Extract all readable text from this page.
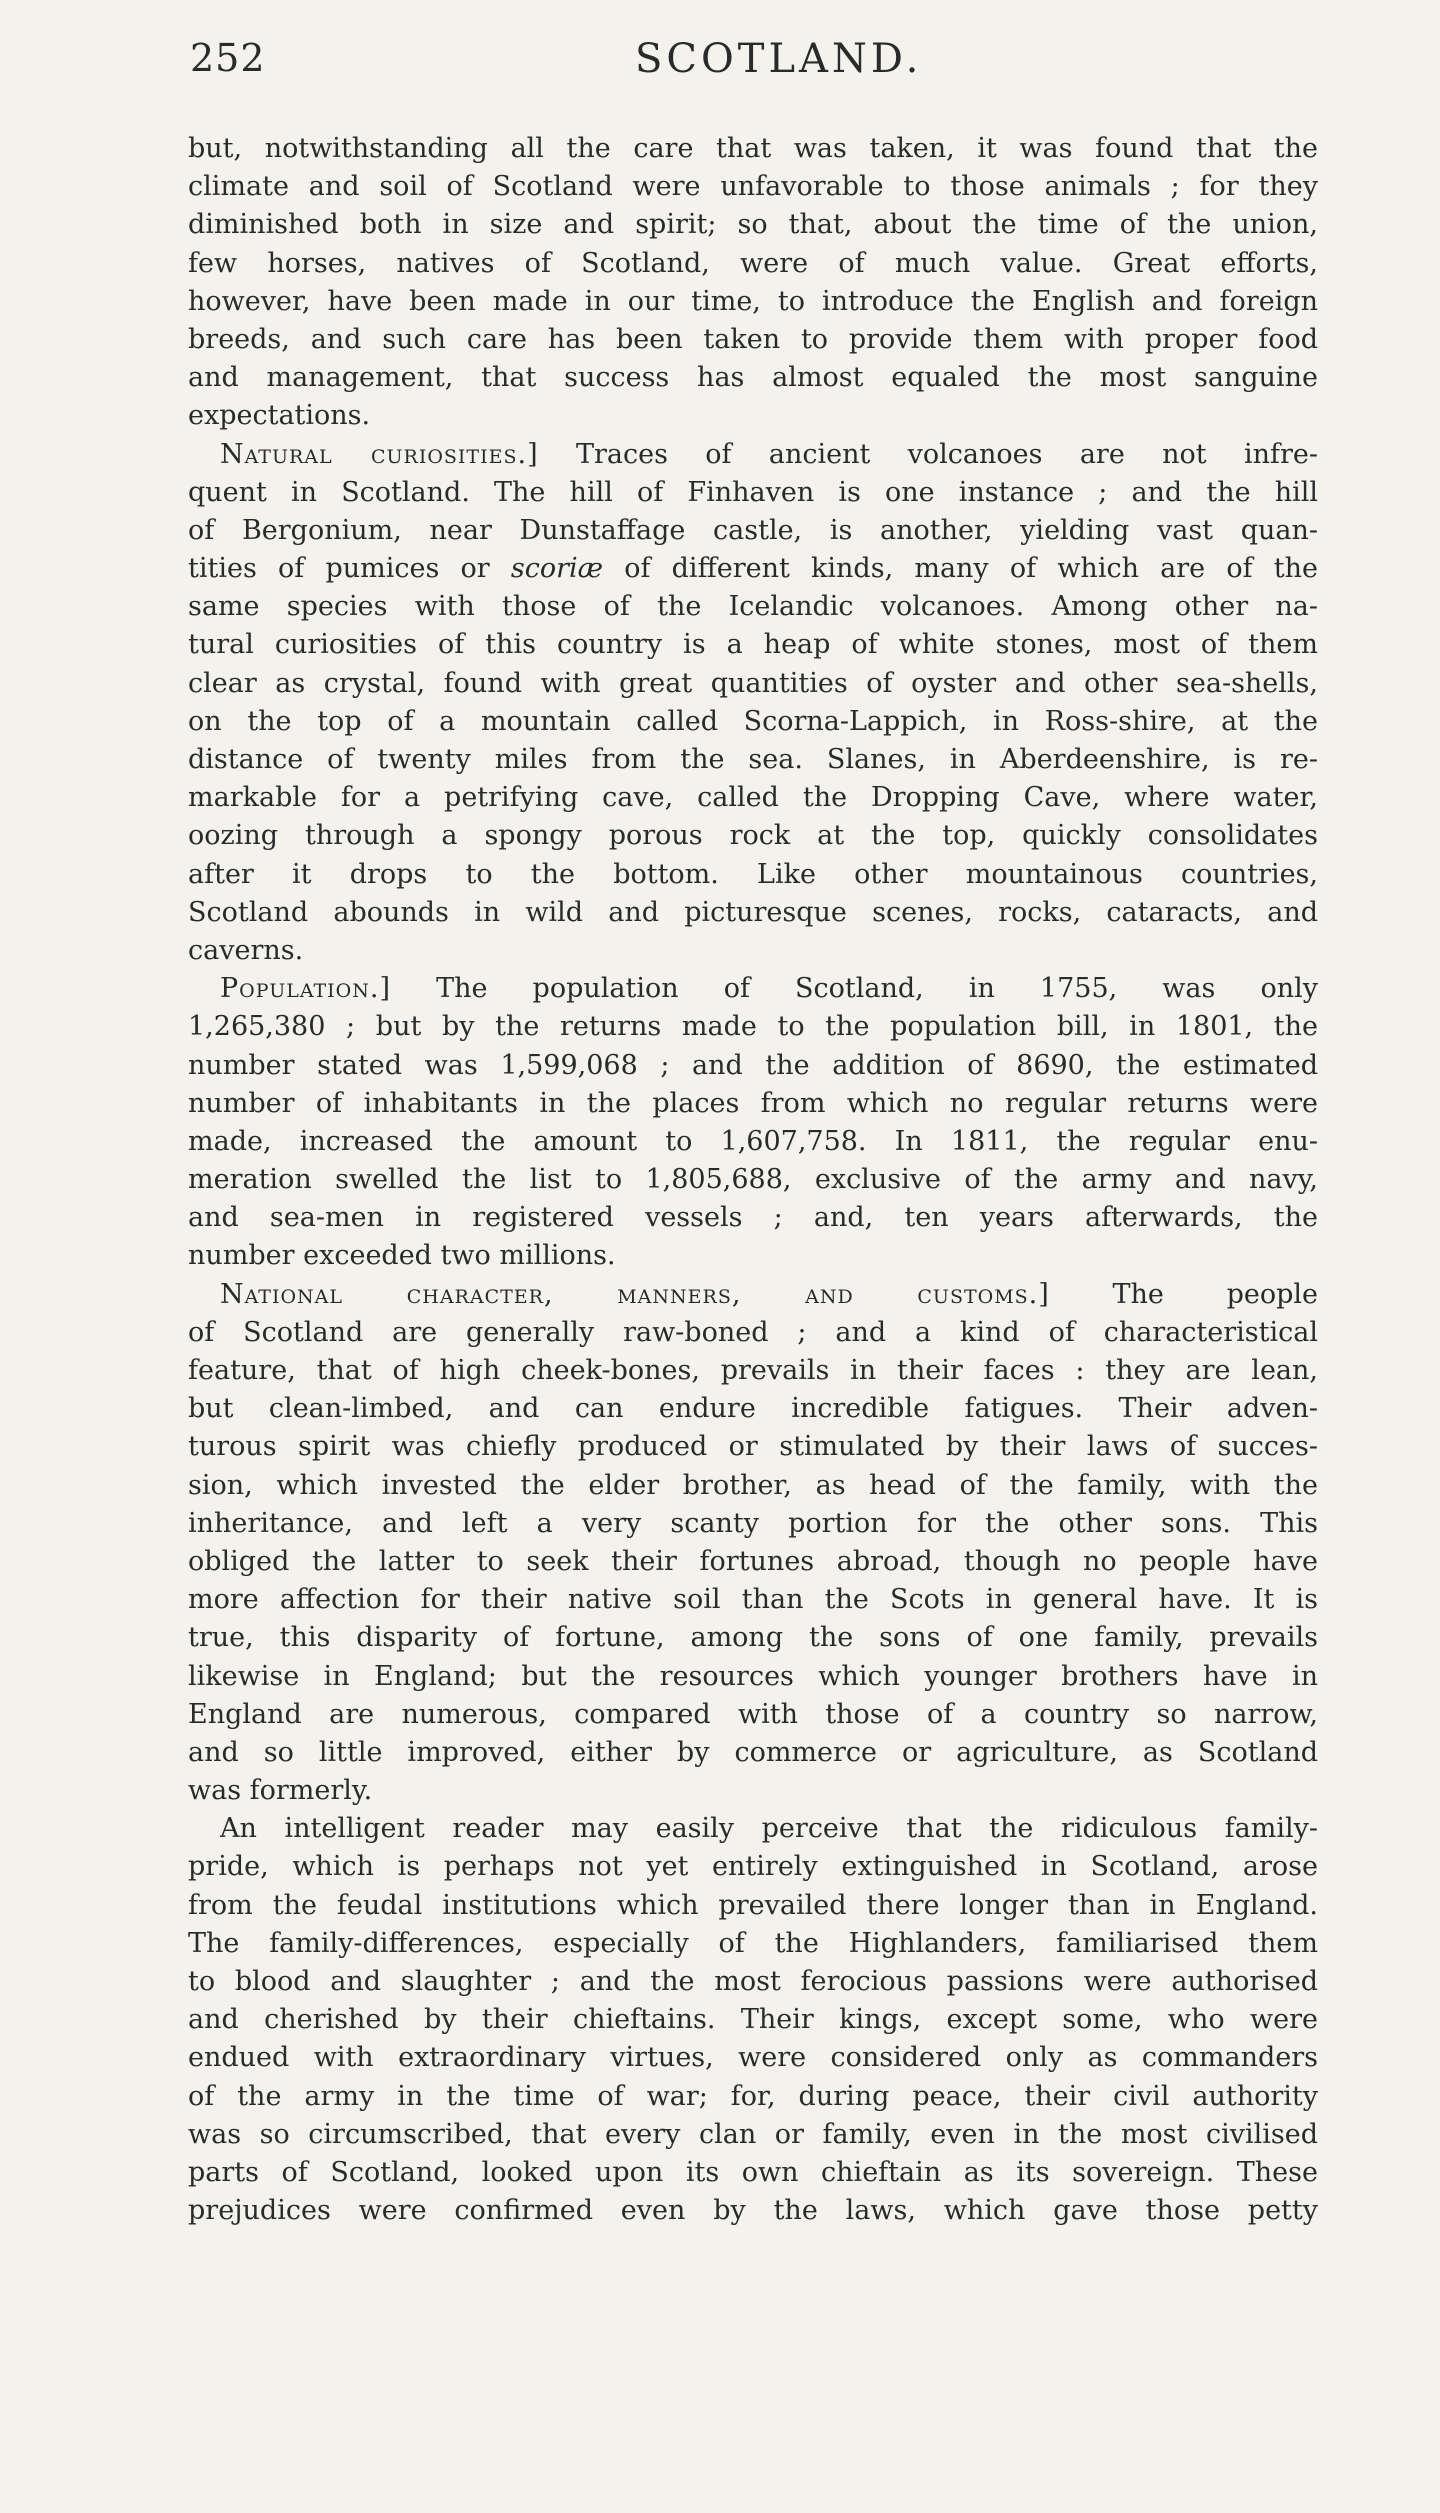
252	SCOTLAND.
but, notwithstanding all the care that was taken, it was found that the
climate and soil of Scotland were unfavorable to those animals ; for they
diminished both in size and spirit; so that, about the time of the union,
few horses, natives of Scotland, were of much value. Great efforts,
however, have been made in our time, to introduce the English and foreign
breeds, and such care has been taken to provide them with proper food
and management, that success has almost equaled the most sanguine
expectations.
Natural curiosities.] Traces of ancient volcanoes are not infre-
quent in Scotland. The hill of Finhaven is one instance ; and the hill
of Bergonium, near Dunstaffage castle, is another, yielding vast quan-
tities of pumices or scoriæ of different kinds, many of which are of the
same species with those of the Icelandic volcanoes. Among other na-
tural curiosities of this country is a heap of white stones, most of them
clear as crystal, found with great quantities of oyster and other sea-shells,
on the top of a mountain called Scorna-Lappich, in Ross-shire, at the
distance of twenty miles from the sea. Slanes, in Aberdeenshire, is re-
markable for a petrifying cave, called the Dropping Cave, where water,
oozing through a spongy porous rock at the top, quickly consolidates
after it drops to the bottom. Like other mountainous countries,
Scotland abounds in wild and picturesque scenes, rocks, cataracts, and
caverns.
Population.] The population of Scotland, in 1755, was only
1,265,380 ; but by the returns made to the population bill, in 1801, the
number stated was 1,599,068 ; and the addition of 8690, the estimated
number of inhabitants in the places from which no regular returns were
made, increased the amount to 1,607,758. In 1811, the regular enu-
meration swelled the list to 1,805,688, exclusive of the army and navy,
and sea-men in registered vessels ; and, ten years afterwards, the
number exceeded two millions.
National character, manners, and customs.] The people
of Scotland are generally raw-boned ; and a kind of characteristical
feature, that of high cheek-bones, prevails in their faces : they are lean,
but clean-limbed, and can endure incredible fatigues. Their adven-
turous spirit was chiefly produced or stimulated by their laws of succes-
sion, which invested the elder brother, as head of the family, with the
inheritance, and left a very scanty portion for the other sons. This
obliged the latter to seek their fortunes abroad, though no people have
more affection for their native soil than the Scots in general have. It is
true, this disparity of fortune, among the sons of one family, prevails
likewise in England; but the resources which younger brothers have in
England are numerous, compared with those of a country so narrow,
and so little improved, either by commerce or agriculture, as Scotland
was formerly.
An intelligent reader may easily perceive that the ridiculous family-
pride, which is perhaps not yet entirely extinguished in Scotland, arose
from the feudal institutions which prevailed there longer than in England.
The family-differences, especially of the Highlanders, familiarised them
to blood and slaughter ; and the most ferocious passions were authorised
and cherished by their chieftains. Their kings, except some, who were
endued with extraordinary virtues, were considered only as commanders
of the army in the time of war; for, during peace, their civil authority
was so circumscribed, that every clan or family, even in the most civilised
parts of Scotland, looked upon its own chieftain as its sovereign. These
prejudices were confirmed even by the laws, which gave those petty
